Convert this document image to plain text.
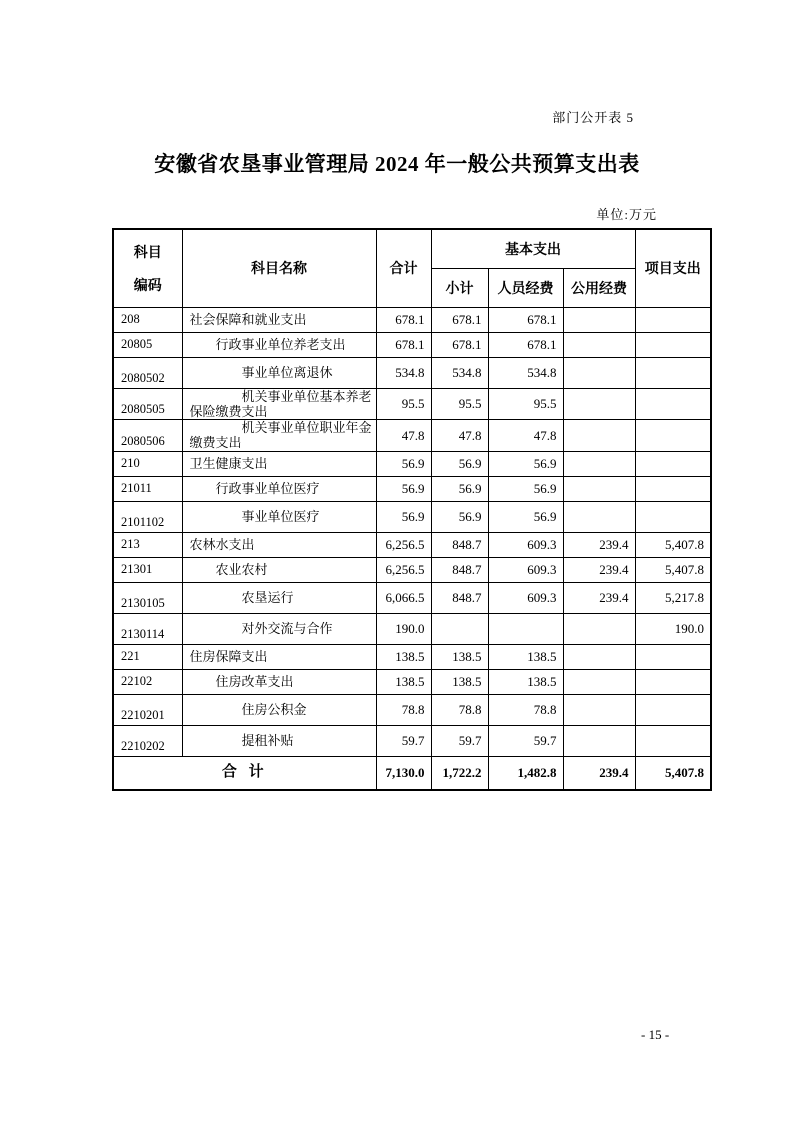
部门公开表 5
安徽省农垦事业管理局 2024 年一般公共预算支出表
单位:万元
科目
编码	科目名称	合计	基本支出			项目支出
			小计	人员经费	公用经费	
208	社会保障和就业支出	678.1	678.1	678.1		
20805	行政事业单位养老支出	678.1	678.1	678.1		
2080502	事业单位离退休	534.8	534.8	534.8		
2080505	机关事业单位基本养老保险缴费支出	95.5	95.5	95.5		
2080506	机关事业单位职业年金缴费支出	47.8	47.8	47.8		
210	卫生健康支出	56.9	56.9	56.9		
21011	行政事业单位医疗	56.9	56.9	56.9		
2101102	事业单位医疗	56.9	56.9	56.9		
213	农林水支出	6,256.5	848.7	609.3	239.4	5,407.8
21301	农业农村	6,256.5	848.7	609.3	239.4	5,407.8
2130105	农垦运行	6,066.5	848.7	609.3	239.4	5,217.8
2130114	对外交流与合作	190.0				190.0
221	住房保障支出	138.5	138.5	138.5		
22102	住房改革支出	138.5	138.5	138.5		
2210201	住房公积金	78.8	78.8	78.8		
2210202	提租补贴	59.7	59.7	59.7		
合 计		7,130.0	1,722.2	1,482.8	239.4	5,407.8
- 15 -
